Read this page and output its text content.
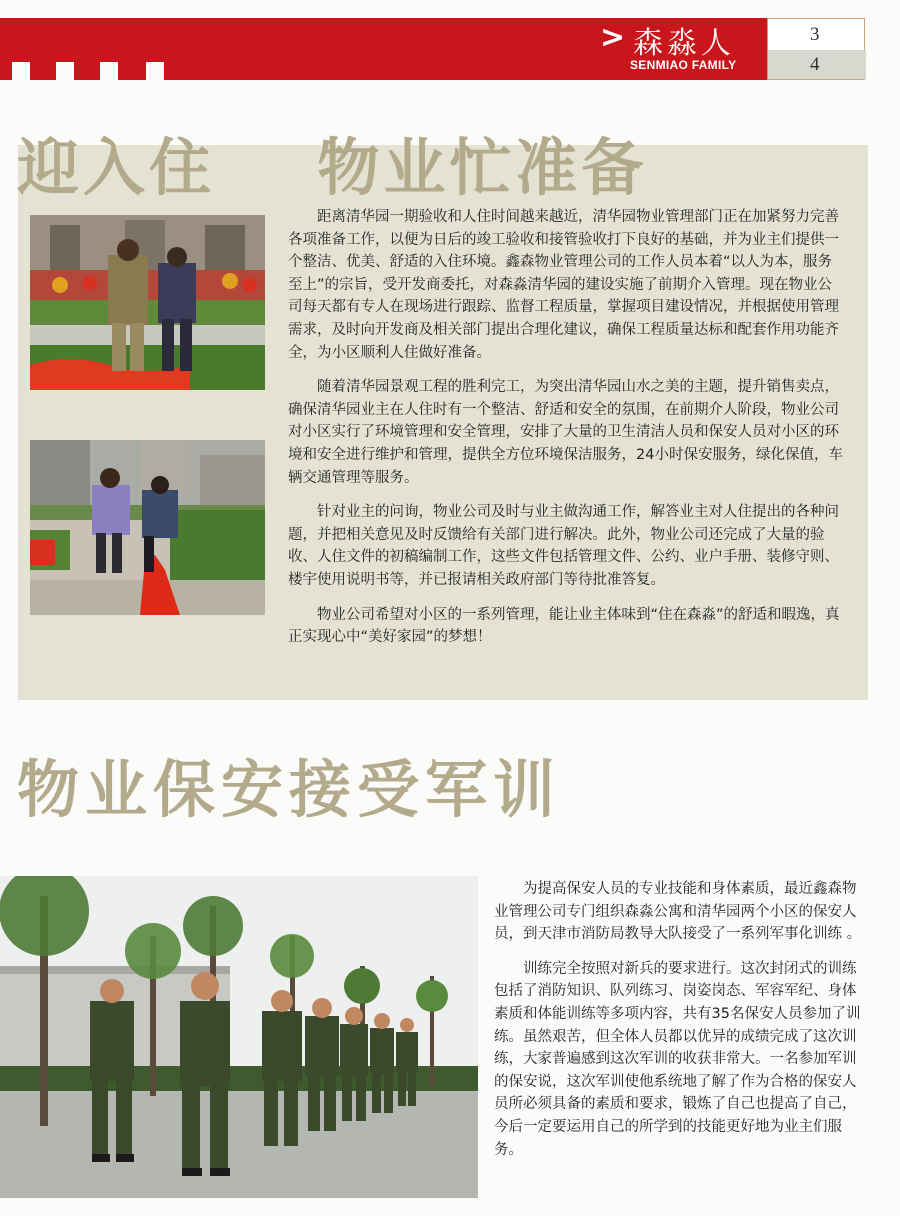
> 森淼人
SENMIAO FAMILY
3
4
迎入住    物业忙准备

距离清华园一期验收和人住时间越来越近，清华园物业管理部门正在加紧努力完善各项准备工作，以便为日后的竣工验收和接管验收打下良好的基础，并为业主们提供一个整洁、优美、舒适的入住环境。鑫森物业管理公司的工作人员本着“以人为本，服务至上”的宗旨，受开发商委托，对森淼清华园的建设实施了前期介入管理。现在物业公司每天都有专人在现场进行跟踪、监督工程质量，掌握项目建设情况，并根据使用管理需求，及时向开发商及相关部门提出合理化建议，确保工程质量达标和配套作用功能齐全，为小区顺利人住做好准备。

随着清华园景观工程的胜利完工，为突出清华园山水之美的主题，提升销售卖点，确保清华园业主在人住时有一个整洁、舒适和安全的氛围，在前期介人阶段，物业公司对小区实行了环境管理和安全管理，安排了大量的卫生清洁人员和保安人员对小区的环境和安全进行维护和管理，提供全方位环境保洁服务，24小时保安服务，绿化保值，车辆交通管理等服务。

针对业主的问询，物业公司及时与业主做沟通工作，解答业主对人住提出的各种问题，并把相关意见及时反馈给有关部门进行解决。此外，物业公司还完成了大量的验收、人住文件的初稿编制工作，这些文件包括管理文件、公约、业户手册、装修守则、楼宇使用说明书等，并已报请相关政府部门等待批准答复。

物业公司希望对小区的一系列管理，能让业主体味到“住在森淼”的舒适和暇逸，真正实现心中“美好家园”的梦想！

物业保安接受军训

为提高保安人员的专业技能和身体素质，最近鑫森物业管理公司专门组织森淼公寓和清华园两个小区的保安人员，到天津市消防局教导大队接受了一系列军事化训练 。

训练完全按照对新兵的要求进行。这次封闭式的训练包括了消防知识、队列练习、岗姿岗态、军容军纪、身体素质和体能训练等多项内容，共有35名保安人员参加了训练。虽然艰苦，但全体人员都以优异的成绩完成了这次训练，大家普遍感到这次军训的收获非常大。一名参加军训的保安说，这次军训使他系统地了解了作为合格的保安人员所必须具备的素质和要求，锻炼了自己也提高了自己，今后一定要运用自己的所学到的技能更好地为业主们服务。
